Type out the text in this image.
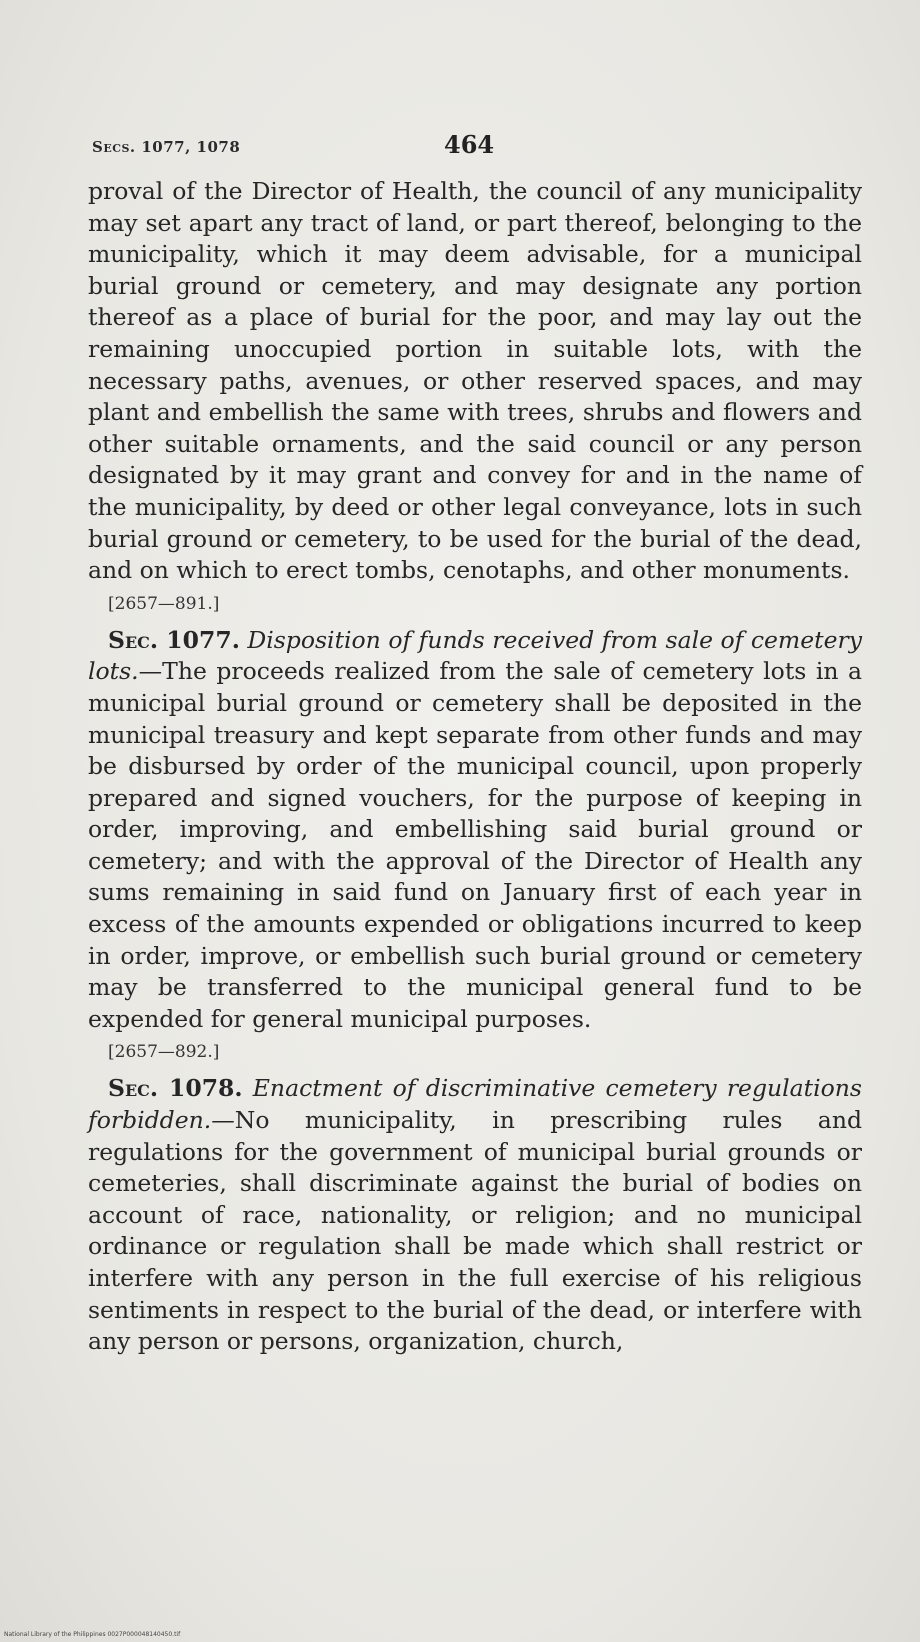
Secs. 1077, 1078	464

proval of the Director of Health, the council of any municipality may set apart any tract of land, or part thereof, belonging to the municipality, which it may deem advisable, for a municipal burial ground or cemetery, and may designate any portion thereof as a place of burial for the poor, and may lay out the remaining unoccupied portion in suitable lots, with the necessary paths, avenues, or other reserved spaces, and may plant and embellish the same with trees, shrubs and flowers and other suitable ornaments, and the said council or any person designated by it may grant and convey for and in the name of the municipality, by deed or other legal conveyance, lots in such burial ground or cemetery, to be used for the burial of the dead, and on which to erect tombs, cenotaphs, and other monuments.

[2657—891.]

Sec. 1077. Disposition of funds received from sale of cemetery lots.—The proceeds realized from the sale of cemetery lots in a municipal burial ground or cemetery shall be deposited in the municipal treasury and kept separate from other funds and may be disbursed by order of the municipal council, upon properly prepared and signed vouchers, for the purpose of keeping in order, improving, and embellishing said burial ground or cemetery; and with the approval of the Director of Health any sums remaining in said fund on January first of each year in excess of the amounts expended or obligations incurred to keep in order, improve, or embellish such burial ground or cemetery may be transferred to the municipal general fund to be expended for general municipal purposes.

[2657—892.]

Sec. 1078. Enactment of discriminative cemetery regulations forbidden.—No municipality, in prescribing rules and regulations for the government of municipal burial grounds or cemeteries, shall discriminate against the burial of bodies on account of race, nationality, or religion; and no municipal ordinance or regulation shall be made which shall restrict or interfere with any person in the full exercise of his religious sentiments in respect to the burial of the dead, or interfere with any person or persons, organization, church,

National Library of the Philippines 0027P000048140450.tif
